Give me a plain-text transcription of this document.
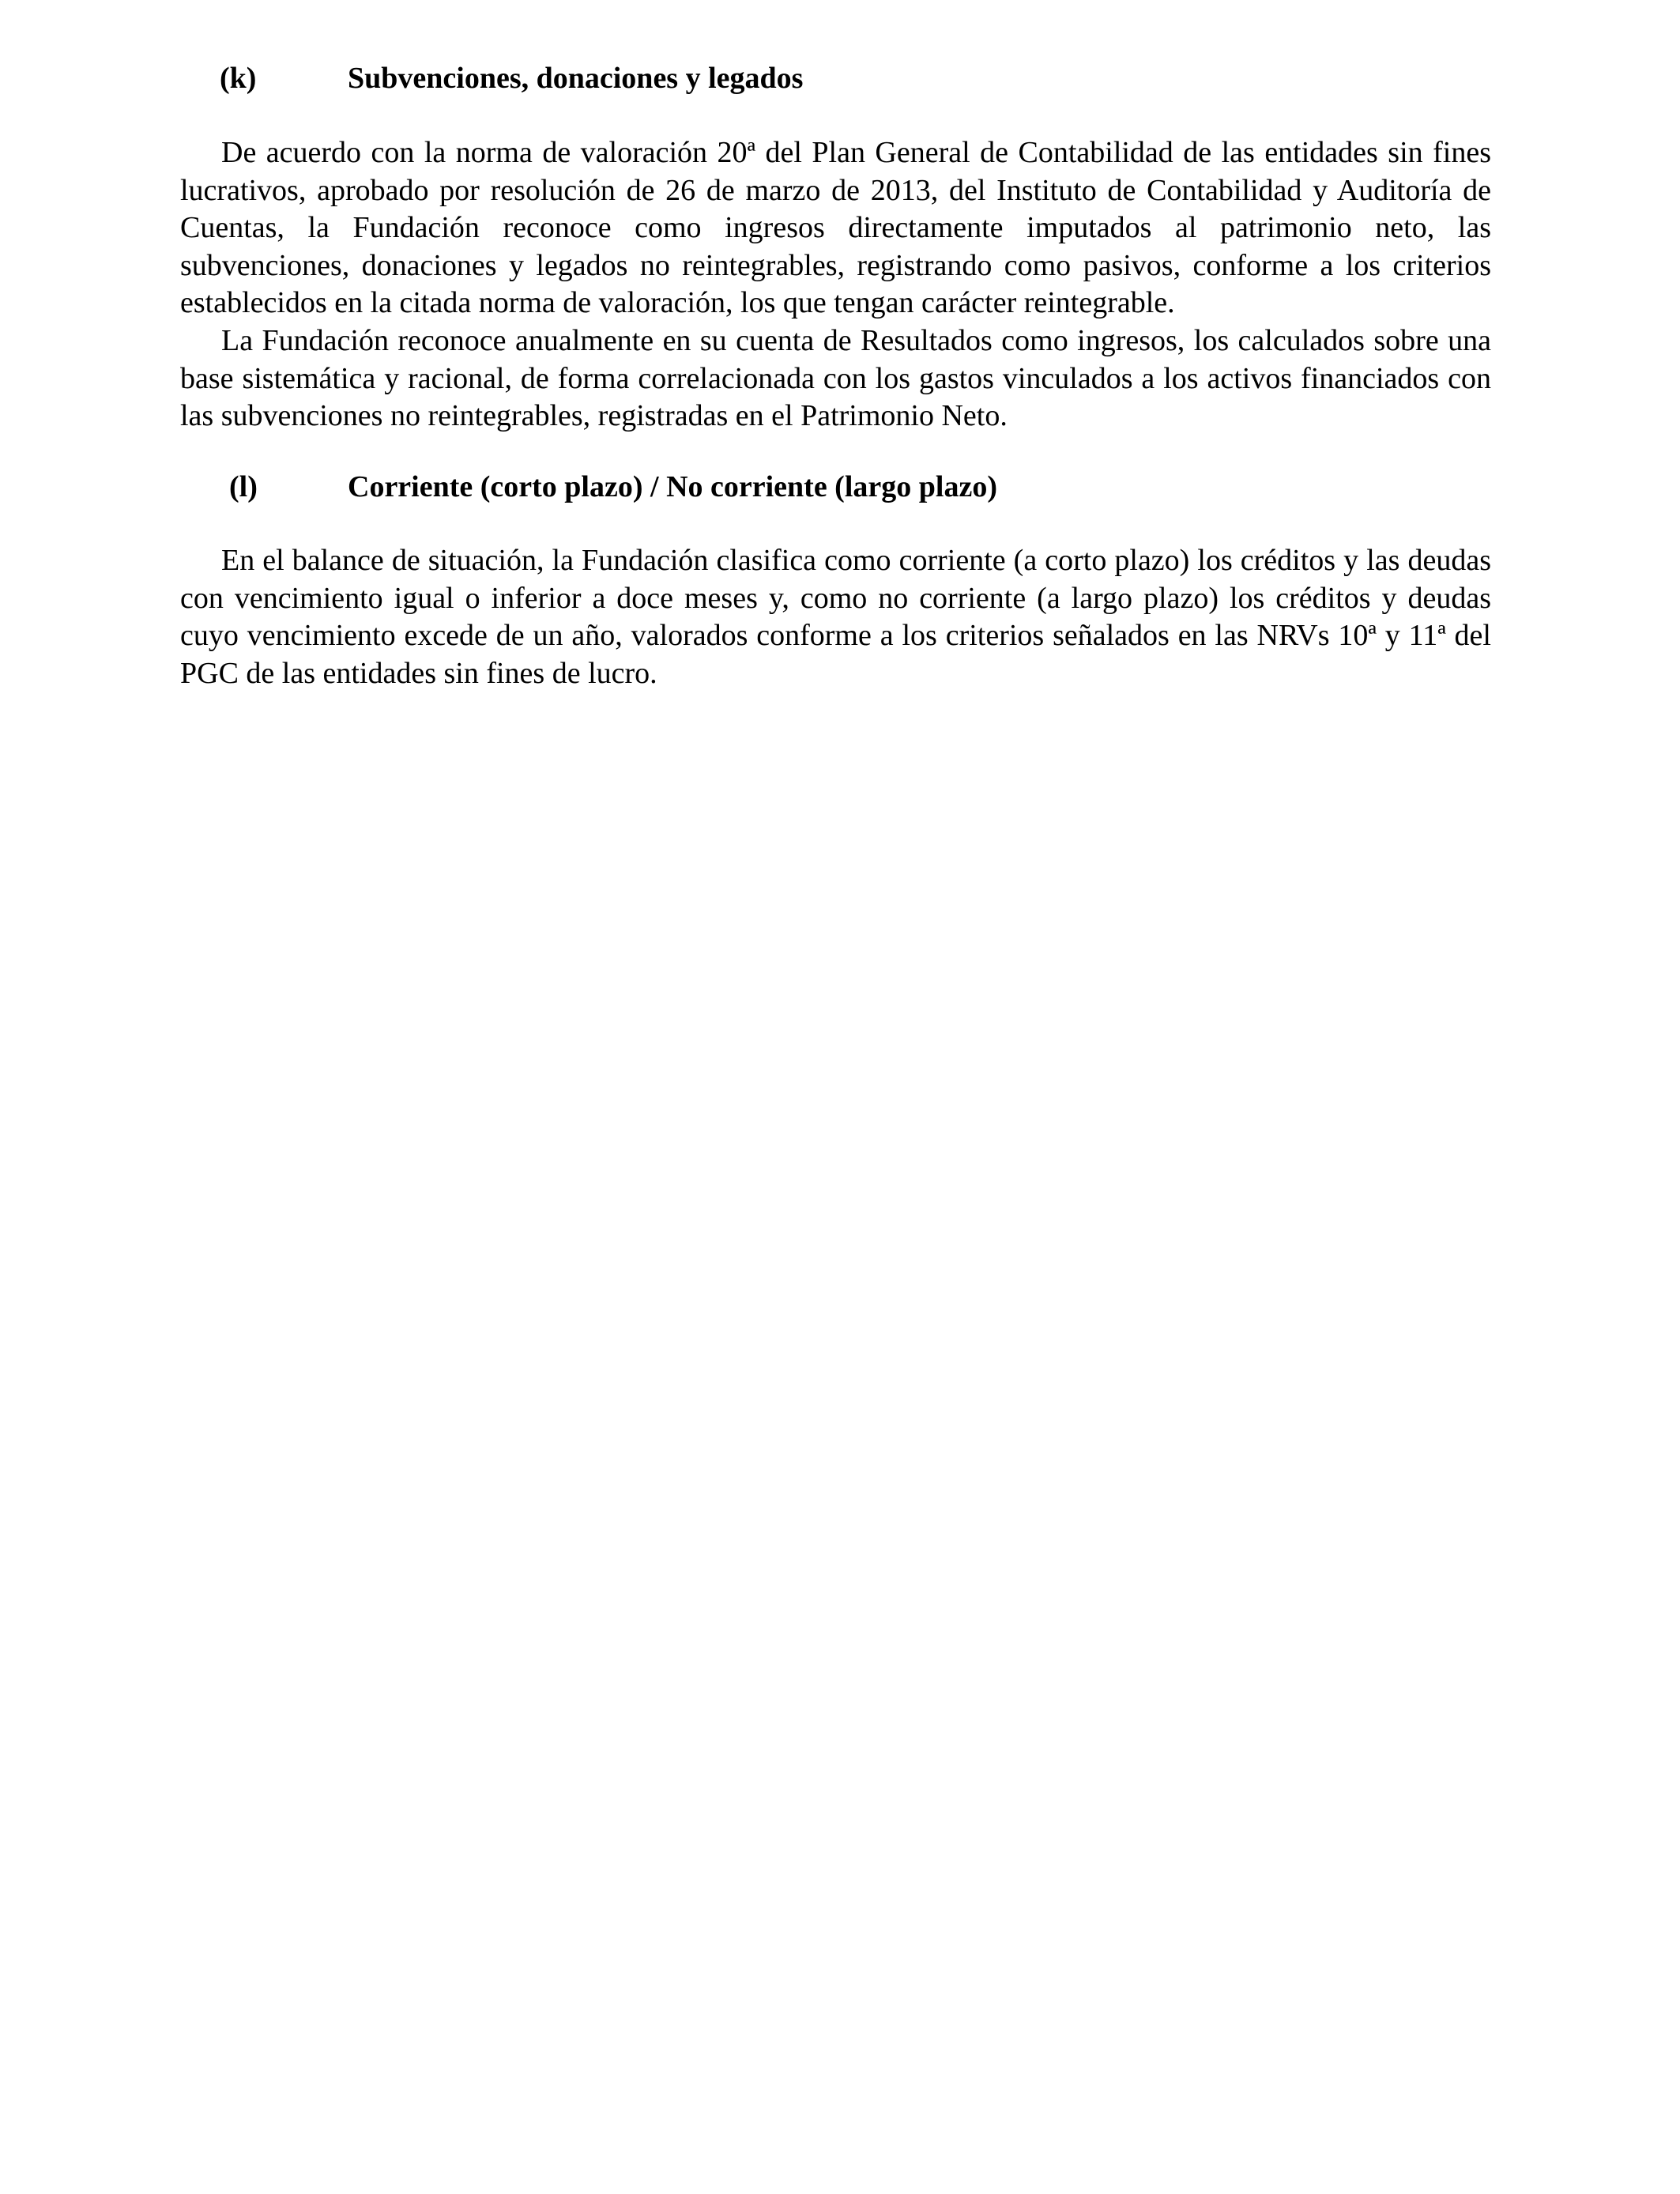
(k)	Subvenciones, donaciones y legados

De acuerdo con la norma de valoración 20ª del Plan General de Contabilidad de las entidades sin fines lucrativos, aprobado por resolución de 26 de marzo de 2013, del Instituto de Contabilidad y Auditoría de Cuentas, la Fundación reconoce como ingresos directamente imputados al patrimonio neto, las subvenciones, donaciones y legados no reintegrables, registrando como pasivos, conforme a los criterios establecidos en la citada norma de valoración, los que tengan carácter reintegrable.

La Fundación reconoce anualmente en su cuenta de Resultados como ingresos, los calculados sobre una base sistemática y racional, de forma correlacionada con los gastos vinculados a los activos financiados con las subvenciones no reintegrables, registradas en el Patrimonio Neto.

(l)	Corriente (corto plazo) / No corriente (largo plazo)

En el balance de situación, la Fundación clasifica como corriente (a corto plazo) los créditos y las deudas con vencimiento igual o inferior a doce meses y, como no corriente (a largo plazo) los créditos y deudas cuyo vencimiento excede de un año, valorados conforme a los criterios señalados en las NRVs 10ª y 11ª del PGC de las entidades sin fines de lucro.
